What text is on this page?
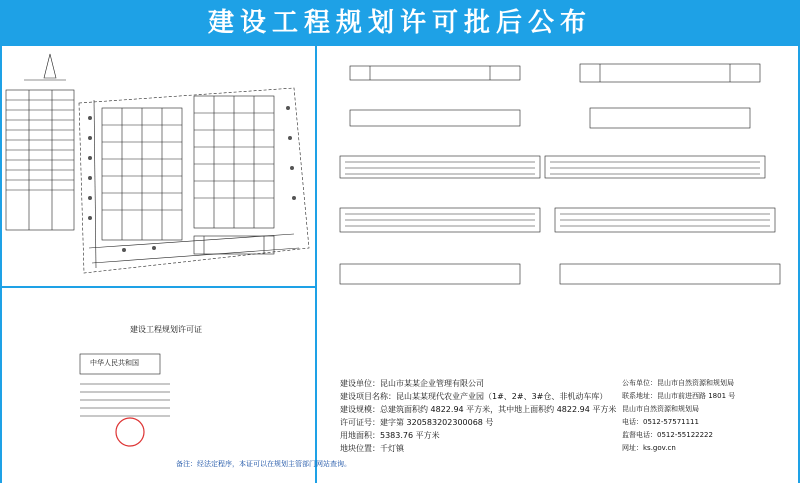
建设工程规划许可批后公布
建设工程规划许可证
中华人民共和国
备注：经法定程序，本证可以在规划主管部门网站查询。
建设单位：昆山市某某企业管理有限公司
建设项目名称：昆山某某现代农业产业园（1#、2#、3#仓、非机动车库）
建设规模：总建筑面积约 4822.94 平方米，其中地上面积约 4822.94 平方米
许可证号：建字第 320583202300068 号
用地面积：5383.76 平方米
地块位置：千灯镇
公布单位：昆山市自然资源和规划局
联系地址：昆山市前进西路 1801 号
昆山市自然资源和规划局
电话：0512-57571111
监督电话：0512-55122222
网址：ks.gov.cn
